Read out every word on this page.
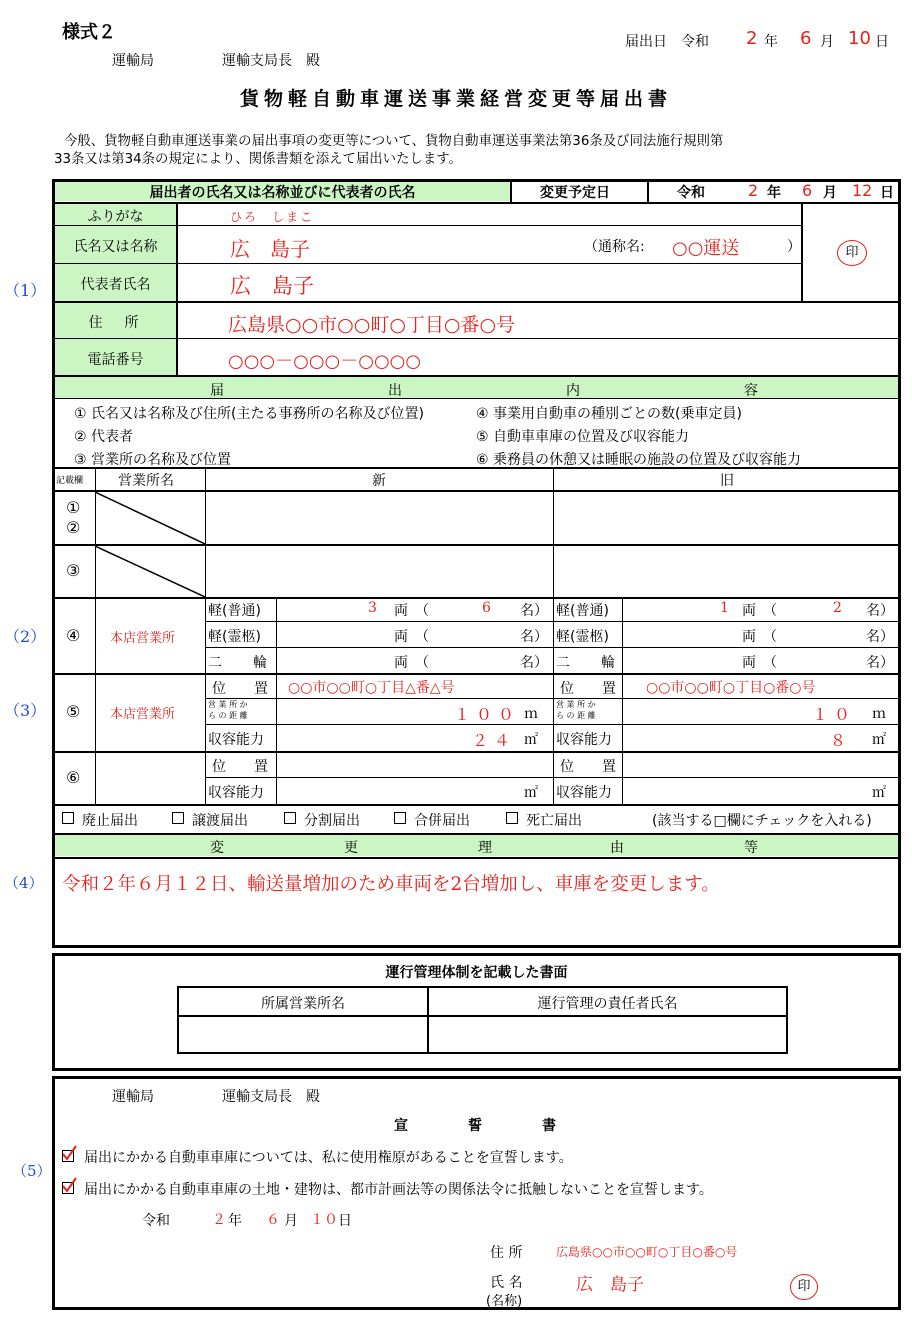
様式２
運輸局	運輸支局長　殿
届出日　令和 2 年 6 月 10 日
貨物軽自動車運送事業経営変更等届出書
今般、貨物軽自動車運送事業の届出事項の変更等について、貨物自動車運送事業法第36条及び同法施行規則第
33条又は第34条の規定により、関係書類を添えて届出いたします。
（1）
（2）
（3）
（4）
（5）
届出者の氏名又は名称並びに代表者の氏名	変更予定日	令和	2 年 6 月 12 日
ふりがな	ひろ　しまこ
氏名又は名称	広　島子	（通称名: ○○運送	）	印
代表者氏名	広　島子
住　所	広島県○○市○○町○丁目○番○号
電話番号	○○○－○○○－○○○○
届	出	内	容
① 氏名又は名称及び住所(主たる事務所の名称及び位置)
② 代表者
③ 営業所の名称及び位置
④ 事業用自動車の種別ごとの数(乗車定員)
⑤ 自動車車庫の位置及び収容能力
⑥ 乗務員の休憩又は睡眠の施設の位置及び収容能力
記載欄 営業所名	新	旧
①
②
③
④ 本店営業所
軽(普通)	3 両　（	6 名） 軽(普通)	1 両　（	2 名）
軽(霊柩)	両　（	名） 軽(霊柩)	両　（	名）
二　　輪	両　（	名） 二　　輪	両　（	名）
⑤ 本店営業所
位　　置 ○○市○○町○丁目△番△号	位　　置 ○○市○○町○丁目○番○号
営 業 所 か
ら の 距 離	１００ ｍ
営 業 所 か
ら の 距 離	１０ ｍ
収容能力	２４ ㎡ 収容能力	８ ㎡
⑥
位　　置	位　　置
収容能力	㎡ 収容能力	㎡
廃止届出	譲渡届出	分割届出	合併届出	死亡届出	(該当する□欄にチェックを入れる)
変	更	理	由	等
令和２年６月１２日、輸送量増加のため車両を2台増加し、車庫を変更します。
運行管理体制を記載した書面
所属営業所名	運行管理の責任者氏名
運輸局	運輸支局長　殿
宣	誓	書
届出にかかる自動車車庫については、私に使用権原があることを宣誓します。
届出にかかる自動車車庫の土地・建物は、都市計画法等の関係法令に抵触しないことを宣誓します。
令和	２ 年 ６ 月 １０ 日
住 所	広島県○○市○○町○丁目○番○号
氏 名
(名称)
広　島子	印
